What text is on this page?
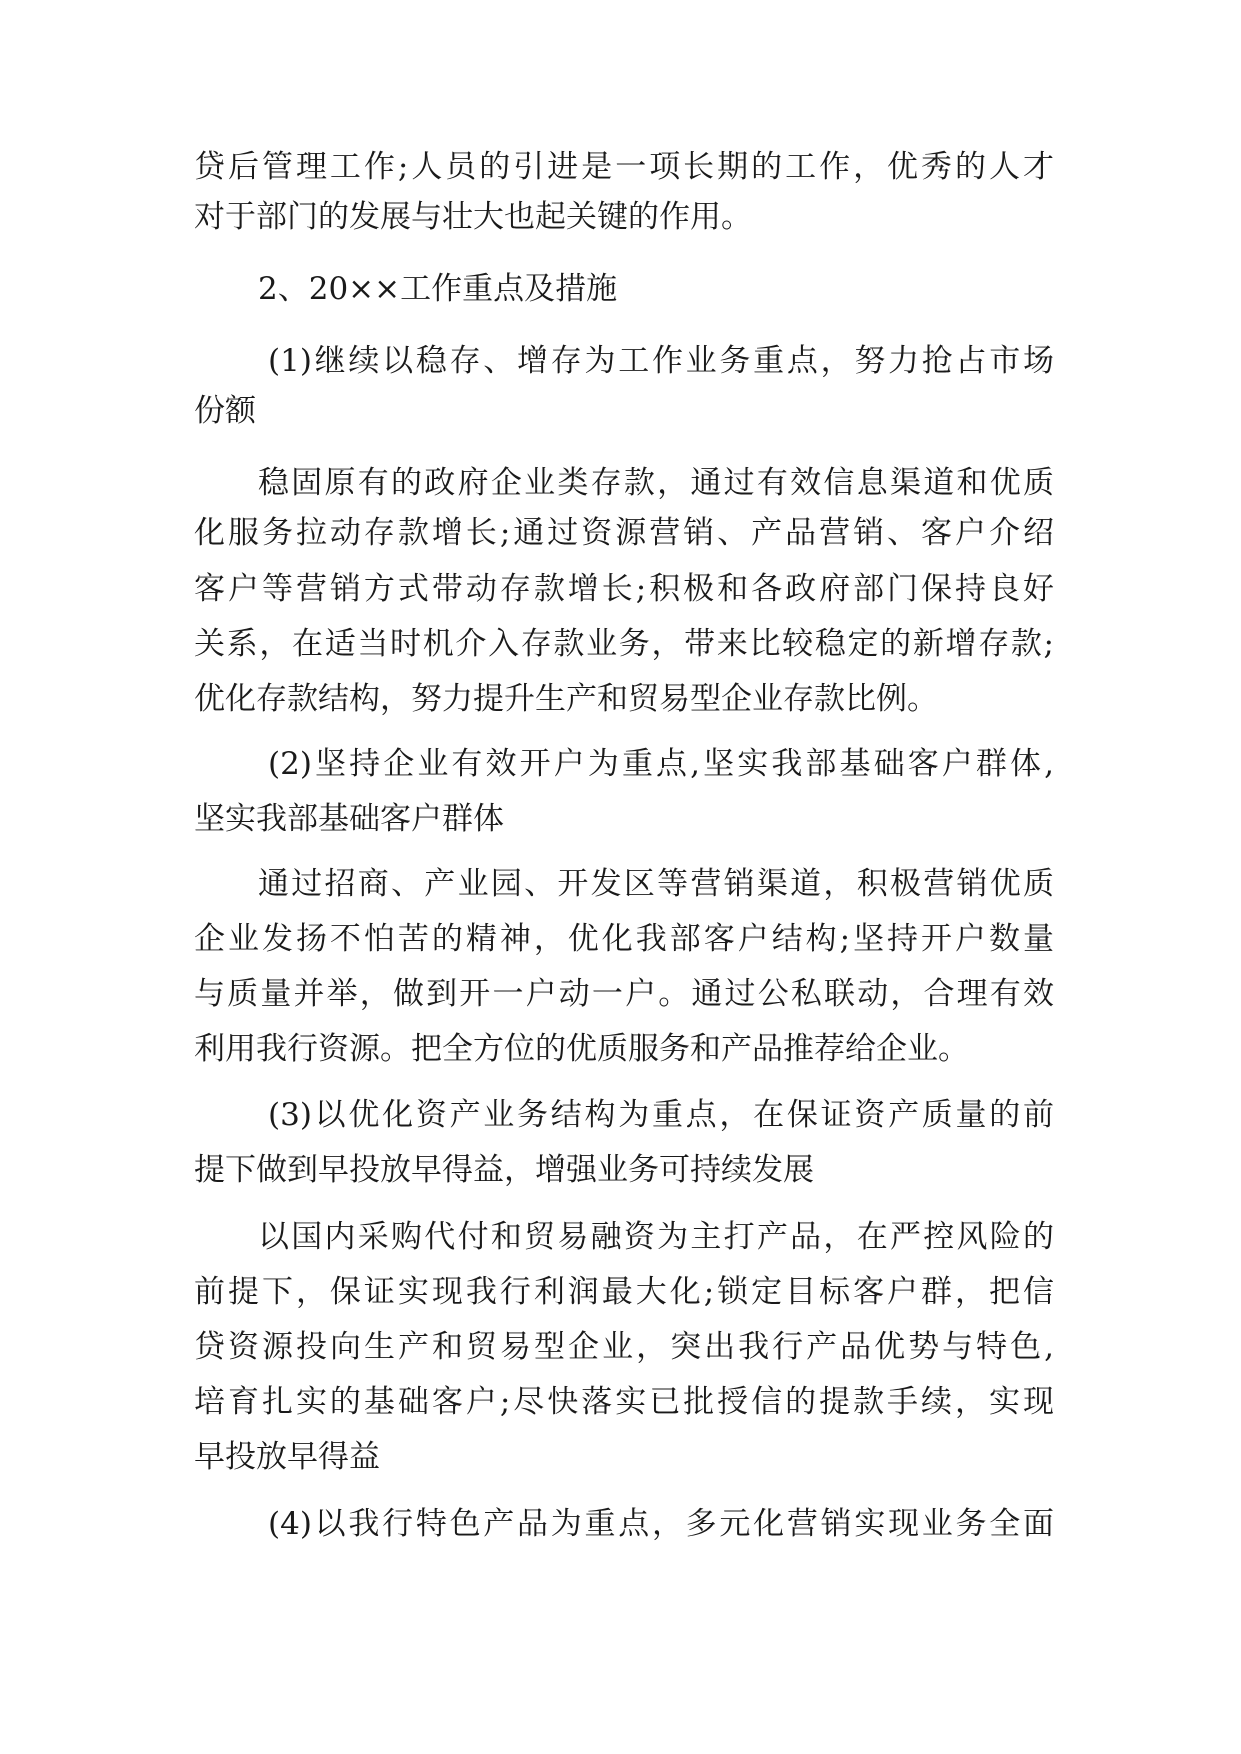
贷后管理工作;人员的引进是一项长期的工作，优秀的人才
对于部门的发展与壮大也起关键的作用。
2、20××工作重点及措施
(1)继续以稳存、增存为工作业务重点，努力抢占市场
份额
稳固原有的政府企业类存款，通过有效信息渠道和优质
化服务拉动存款增长;通过资源营销、产品营销、客户介绍
客户等营销方式带动存款增长;积极和各政府部门保持良好
关系，在适当时机介入存款业务，带来比较稳定的新增存款;
优化存款结构，努力提升生产和贸易型企业存款比例。
(2)坚持企业有效开户为重点,坚实我部基础客户群体,
坚实我部基础客户群体
通过招商、产业园、开发区等营销渠道，积极营销优质
企业发扬不怕苦的精神，优化我部客户结构;坚持开户数量
与质量并举，做到开一户动一户。通过公私联动，合理有效
利用我行资源。把全方位的优质服务和产品推荐给企业。
(3)以优化资产业务结构为重点，在保证资产质量的前
提下做到早投放早得益，增强业务可持续发展
以国内采购代付和贸易融资为主打产品，在严控风险的
前提下，保证实现我行利润最大化;锁定目标客户群，把信
贷资源投向生产和贸易型企业，突出我行产品优势与特色,
培育扎实的基础客户;尽快落实已批授信的提款手续，实现
早投放早得益
(4)以我行特色产品为重点，多元化营销实现业务全面
